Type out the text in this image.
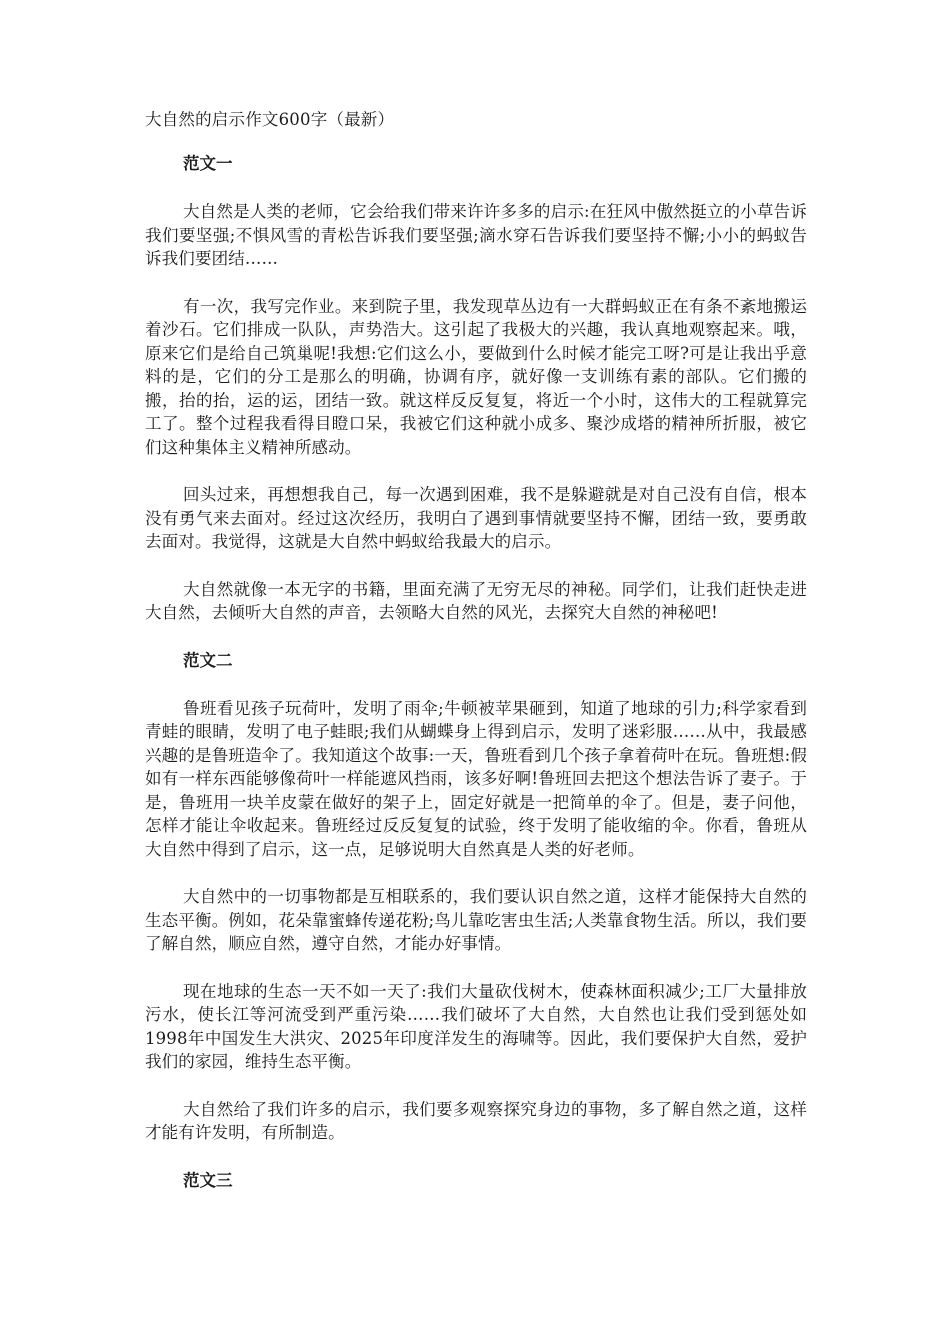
大自然的启示作文600字（最新）
范文一

大自然是人类的老师，它会给我们带来许许多多的启示:在狂风中傲然挺立的小草告诉我们要坚强;不惧风雪的青松告诉我们要坚强;滴水穿石告诉我们要坚持不懈;小小的蚂蚁告诉我们要团结……

有一次，我写完作业。来到院子里，我发现草丛边有一大群蚂蚁正在有条不紊地搬运着沙石。它们排成一队队，声势浩大。这引起了我极大的兴趣，我认真地观察起来。哦，原来它们是给自己筑巢呢!我想:它们这么小，要做到什么时候才能完工呀?可是让我出乎意料的是，它们的分工是那么的明确，协调有序，就好像一支训练有素的部队。它们搬的搬，抬的抬，运的运，团结一致。就这样反反复复，将近一个小时，这伟大的工程就算完工了。整个过程我看得目瞪口呆，我被它们这种就小成多、聚沙成塔的精神所折服，被它们这种集体主义精神所感动。

回头过来，再想想我自己，每一次遇到困难，我不是躲避就是对自己没有自信，根本没有勇气来去面对。经过这次经历，我明白了遇到事情就要坚持不懈，团结一致，要勇敢去面对。我觉得，这就是大自然中蚂蚁给我最大的启示。

大自然就像一本无字的书籍，里面充满了无穷无尽的神秘。同学们，让我们赶快走进大自然，去倾听大自然的声音，去领略大自然的风光，去探究大自然的神秘吧!

范文二

鲁班看见孩子玩荷叶，发明了雨伞;牛顿被苹果砸到，知道了地球的引力;科学家看到青蛙的眼睛，发明了电子蛙眼;我们从蝴蝶身上得到启示，发明了迷彩服……从中，我最感兴趣的是鲁班造伞了。我知道这个故事:一天，鲁班看到几个孩子拿着荷叶在玩。鲁班想:假如有一样东西能够像荷叶一样能遮风挡雨，该多好啊!鲁班回去把这个想法告诉了妻子。于是，鲁班用一块羊皮蒙在做好的架子上，固定好就是一把简单的伞了。但是，妻子问他，怎样才能让伞收起来。鲁班经过反反复复的试验，终于发明了能收缩的伞。你看，鲁班从大自然中得到了启示，这一点，足够说明大自然真是人类的好老师。

大自然中的一切事物都是互相联系的，我们要认识自然之道，这样才能保持大自然的生态平衡。例如，花朵靠蜜蜂传递花粉;鸟儿靠吃害虫生活;人类靠食物生活。所以，我们要了解自然，顺应自然，遵守自然，才能办好事情。

现在地球的生态一天不如一天了:我们大量砍伐树木，使森林面积减少;工厂大量排放污水，使长江等河流受到严重污染……我们破坏了大自然，大自然也让我们受到惩处如1998年中国发生大洪灾、2025年印度洋发生的海啸等。因此，我们要保护大自然，爱护我们的家园，维持生态平衡。

大自然给了我们许多的启示，我们要多观察探究身边的事物，多了解自然之道，这样才能有许发明，有所制造。

范文三
